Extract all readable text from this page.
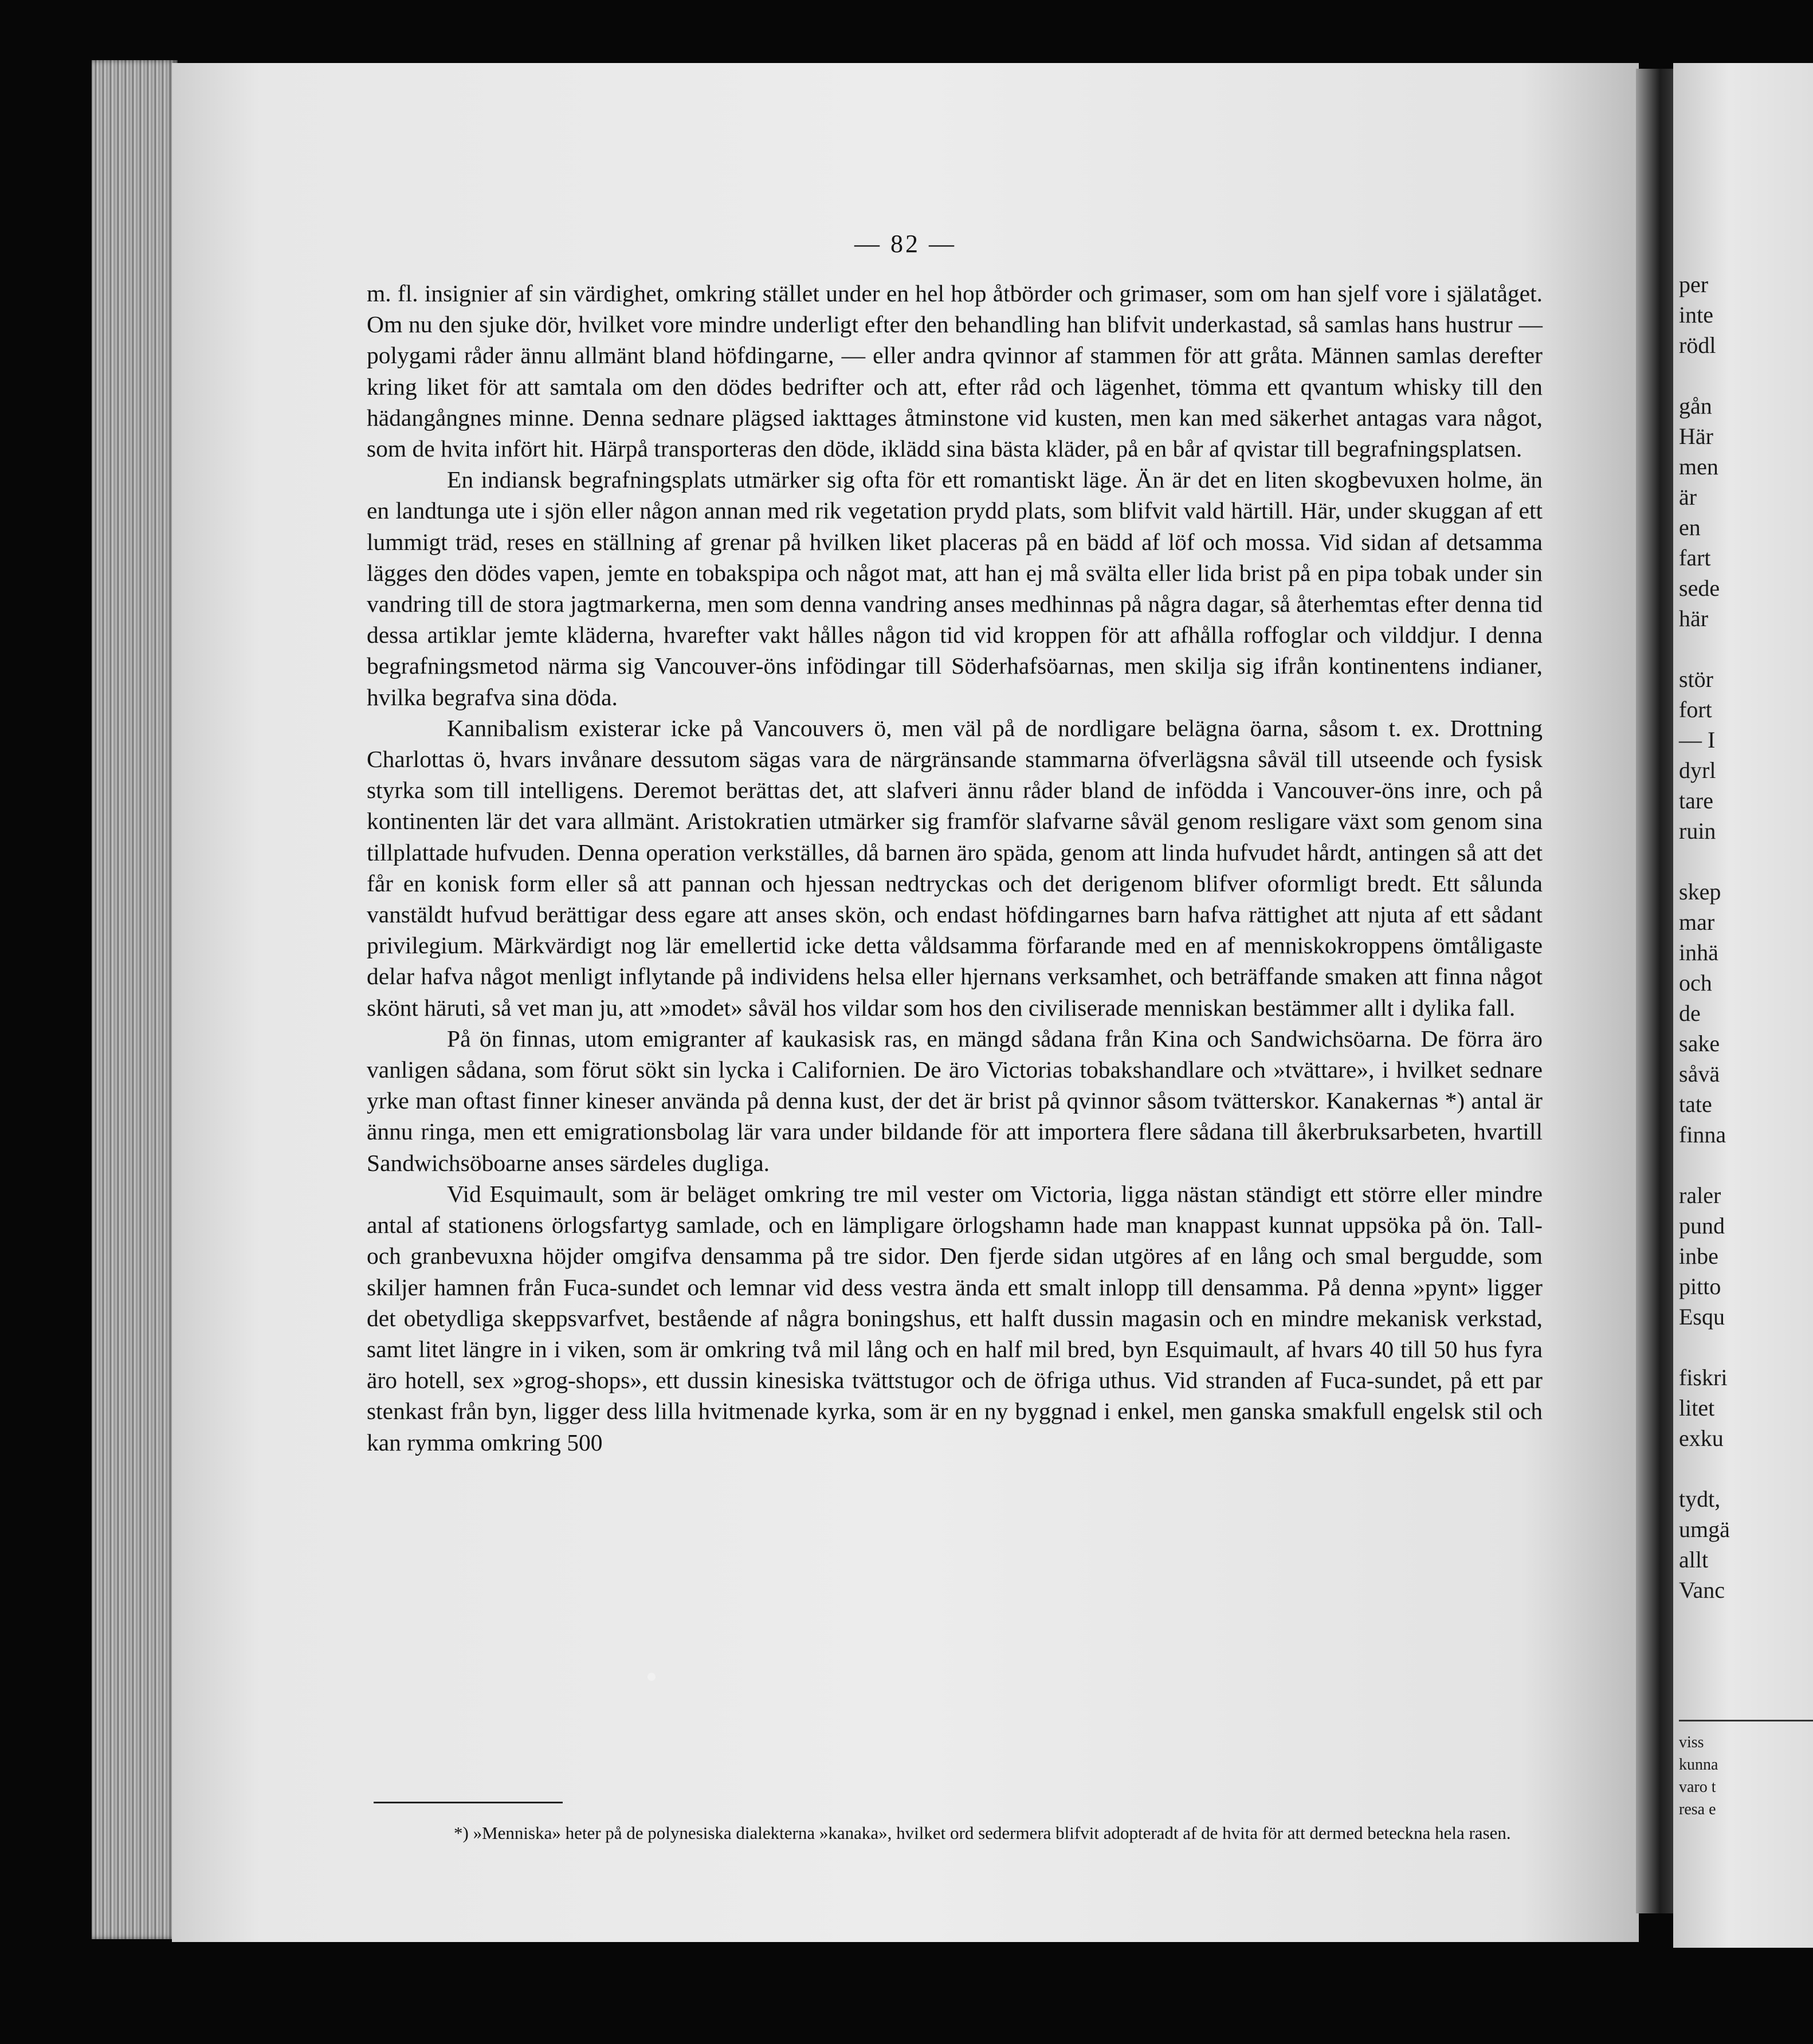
— 82 —

m. fl. insignier af sin värdighet, omkring stället under en hel hop åtbörder och grimaser, som om han sjelf vore i själatåget. Om nu den sjuke dör, hvilket vore mindre underligt efter den behandling han blifvit underkastad, så samlas hans hustrur — polygami råder ännu allmänt bland höfdingarne, — eller andra qvinnor af stammen för att gråta. Männen samlas derefter kring liket för att samtala om den dödes bedrifter och att, efter råd och lägenhet, tömma ett qvantum whisky till den hädangångnes minne. Denna sednare plägsed iakttages åtminstone vid kusten, men kan med säkerhet antagas vara något, som de hvita infört hit. Härpå transporteras den döde, iklädd sina bästa kläder, på en bår af qvistar till begrafningsplatsen.

En indiansk begrafningsplats utmärker sig ofta för ett romantiskt läge. Än är det en liten skogbevuxen holme, än en landtunga ute i sjön eller någon annan med rik vegetation prydd plats, som blifvit vald härtill. Här, under skuggan af ett lummigt träd, reses en ställning af grenar på hvilken liket placeras på en bädd af löf och mossa. Vid sidan af detsamma lägges den dödes vapen, jemte en tobakspipa och något mat, att han ej må svälta eller lida brist på en pipa tobak under sin vandring till de stora jagtmarkerna, men som denna vandring anses medhinnas på några dagar, så återhemtas efter denna tid dessa artiklar jemte kläderna, hvarefter vakt hålles någon tid vid kroppen för att afhålla roffoglar och vilddjur. I denna begrafningsmetod närma sig Vancouver-öns infödingar till Söderhafsöarnas, men skilja sig ifrån kontinentens indianer, hvilka begrafva sina döda.

Kannibalism existerar icke på Vancouvers ö, men väl på de nordligare belägna öarna, såsom t. ex. Drottning Charlottas ö, hvars invånare dessutom sägas vara de närgränsande stammarna öfverlägsna såväl till utseende och fysisk styrka som till intelligens. Deremot berättas det, att slafveri ännu råder bland de infödda i Vancouver-öns inre, och på kontinenten lär det vara allmänt. Aristokratien utmärker sig framför slafvarne såväl genom resligare växt som genom sina tillplattade hufvuden. Denna operation verkställes, då barnen äro späda, genom att linda hufvudet hårdt, antingen så att det får en konisk form eller så att pannan och hjessan nedtryckas och det derigenom blifver oformligt bredt. Ett sålunda vanstäldt hufvud berättigar dess egare att anses skön, och endast höfdingarnes barn hafva rättighet att njuta af ett sådant privilegium. Märkvärdigt nog lär emellertid icke detta våldsamma förfarande med en af menniskokroppens ömtåligaste delar hafva något menligt inflytande på individens helsa eller hjernans verksamhet, och beträffande smaken att finna något skönt häruti, så vet man ju, att »modet» såväl hos vildar som hos den civiliserade menniskan bestämmer allt i dylika fall.

På ön finnas, utom emigranter af kaukasisk ras, en mängd sådana från Kina och Sandwichsöarna. De förra äro vanligen sådana, som förut sökt sin lycka i Californien. De äro Victorias tobakshandlare och »tvättare», i hvilket sednare yrke man oftast finner kineser använda på denna kust, der det är brist på qvinnor såsom tvätterskor. Kanakernas *) antal är ännu ringa, men ett emigrationsbolag lär vara under bildande för att importera flere sådana till åkerbruksarbeten, hvartill Sandwichsöboarne anses särdeles dugliga.

Vid Esquimault, som är beläget omkring tre mil vester om Victoria, ligga nästan ständigt ett större eller mindre antal af stationens örlogsfartyg samlade, och en lämpligare örlogshamn hade man knappast kunnat uppsöka på ön. Tall- och granbevuxna höjder omgifva densamma på tre sidor. Den fjerde sidan utgöres af en lång och smal bergudde, som skiljer hamnen från Fuca-sundet och lemnar vid dess vestra ända ett smalt inlopp till densamma. På denna »pynt» ligger det obetydliga skeppsvarfvet, bestående af några boningshus, ett halft dussin magasin och en mindre mekanisk verkstad, samt litet längre in i viken, som är omkring två mil lång och en half mil bred, byn Esquimault, af hvars 40 till 50 hus fyra äro hotell, sex »grog-shops», ett dussin kinesiska tvättstugor och de öfriga uthus. Vid stranden af Fuca-sundet, på ett par stenkast från byn, ligger dess lilla hvitmenade kyrka, som är en ny byggnad i enkel, men ganska smakfull engelsk stil och kan rymma omkring 500

*) »Menniska» heter på de polynesiska dialekterna »kanaka», hvilket ord sedermera blifvit adopteradt af de hvita för att dermed beteckna hela rasen.
per
inte
rödl
gån
Här
men
är
en
fart
sede
här
stör
fort
— I
dyrl
tare
ruin
skep
mar
inhä
och
de
sake
såvä
tate
finna
raler
pund
inbe
pitto
Esqu
fiskri
litet
exku
tydt,
umgä
allt
Vanc
viss
kunna
varo t
resa e
